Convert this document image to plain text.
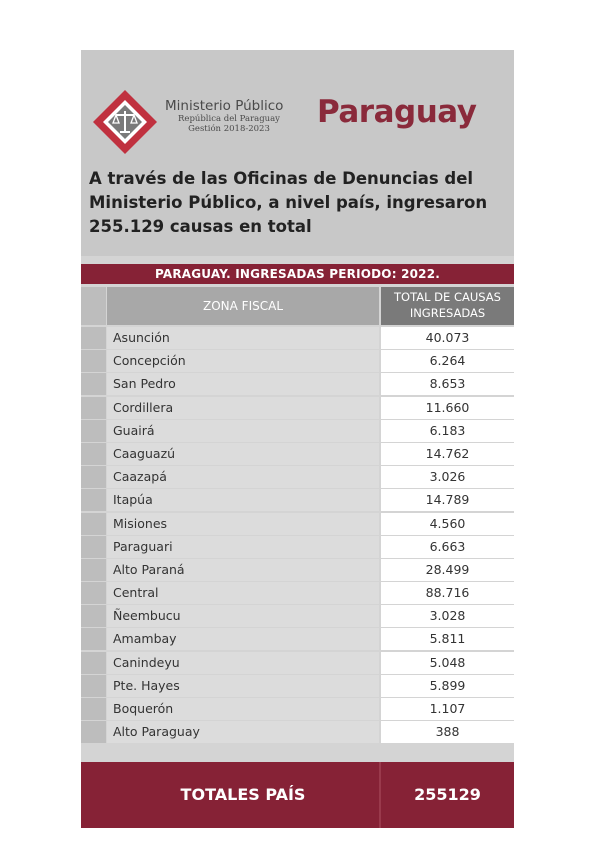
Ministerio Público
República del Paraguay
Gestión 2018-2023	Paraguay
A través de las Oficinas de Denuncias del Ministerio Público, a nivel país, ingresaron 255.129 causas en total
PARAGUAY. INGRESADAS PERIODO: 2022.
ZONA FISCAL
TOTAL DE CAUSAS
INGRESADAS
Asunción	40.073
Concepción	6.264
San Pedro	8.653
Cordillera	11.660
Guairá	6.183
Caaguazú	14.762
Caazapá	3.026
Itapúa	14.789
Misiones	4.560
Paraguari	6.663
Alto Paraná	28.499
Central	88.716
Ñeembucu	3.028
Amambay	5.811
Canindeyu	5.048
Pte. Hayes	5.899
Boquerón	1.107
Alto Paraguay	388
TOTALES PAÍS	255129
